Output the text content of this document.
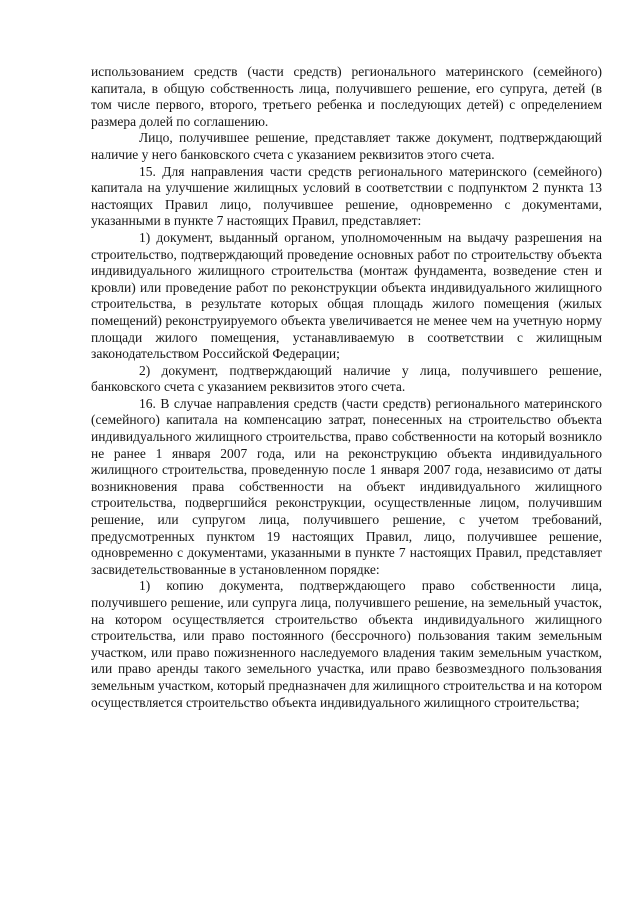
использованием средств (части средств) регионального материнского (семейного) капитала, в общую собственность лица, получившего решение, его супруга, детей (в том числе первого, второго, третьего ребенка и последующих детей) с определением размера долей по соглашению.

Лицо, получившее решение, представляет также документ, подтверждающий наличие у него банковского счета с указанием реквизитов этого счета.

15. Для направления части средств регионального материнского (семейного) капитала на улучшение жилищных условий в соответствии с подпунктом 2 пункта 13 настоящих Правил лицо, получившее решение, одновременно с документами, указанными в пункте 7 настоящих Правил, представляет:

1) документ, выданный органом, уполномоченным на выдачу разрешения на строительство, подтверждающий проведение основных работ по строительству объекта индивидуального жилищного строительства (монтаж фундамента, возведение стен и кровли) или проведение работ по реконструкции объекта индивидуального жилищного строительства, в результате которых общая площадь жилого помещения (жилых помещений) реконструируемого объекта увеличивается не менее чем на учетную норму площади жилого помещения, устанавливаемую в соответствии с жилищным законодательством Российской Федерации;

2) документ, подтверждающий наличие у лица, получившего решение, банковского счета с указанием реквизитов этого счета.

16. В случае направления средств (части средств) регионального материнского (семейного) капитала на компенсацию затрат, понесенных на строительство объекта индивидуального жилищного строительства, право собственности на который возникло не ранее 1 января 2007 года, или на реконструкцию объекта индивидуального жилищного строительства, проведенную после 1 января 2007 года, независимо от даты возникновения права собственности на объект индивидуального жилищного строительства, подвергшийся реконструкции, осуществленные лицом, получившим решение, или супругом лица, получившего решение, с учетом требований, предусмотренных пунктом 19 настоящих Правил, лицо, получившее решение, одновременно с документами, указанными в пункте 7 настоящих Правил, представляет засвидетельствованные в установленном порядке:

1) копию документа, подтверждающего право собственности лица, получившего решение, или супруга лица, получившего решение, на земельный участок, на котором осуществляется строительство объекта индивидуального жилищного строительства, или право постоянного (бессрочного) пользования таким земельным участком, или право пожизненного наследуемого владения таким земельным участком, или право аренды такого земельного участка, или право безвозмездного пользования земельным участком, который предназначен для жилищного строительства и на котором осуществляется строительство объекта индивидуального жилищного строительства;
